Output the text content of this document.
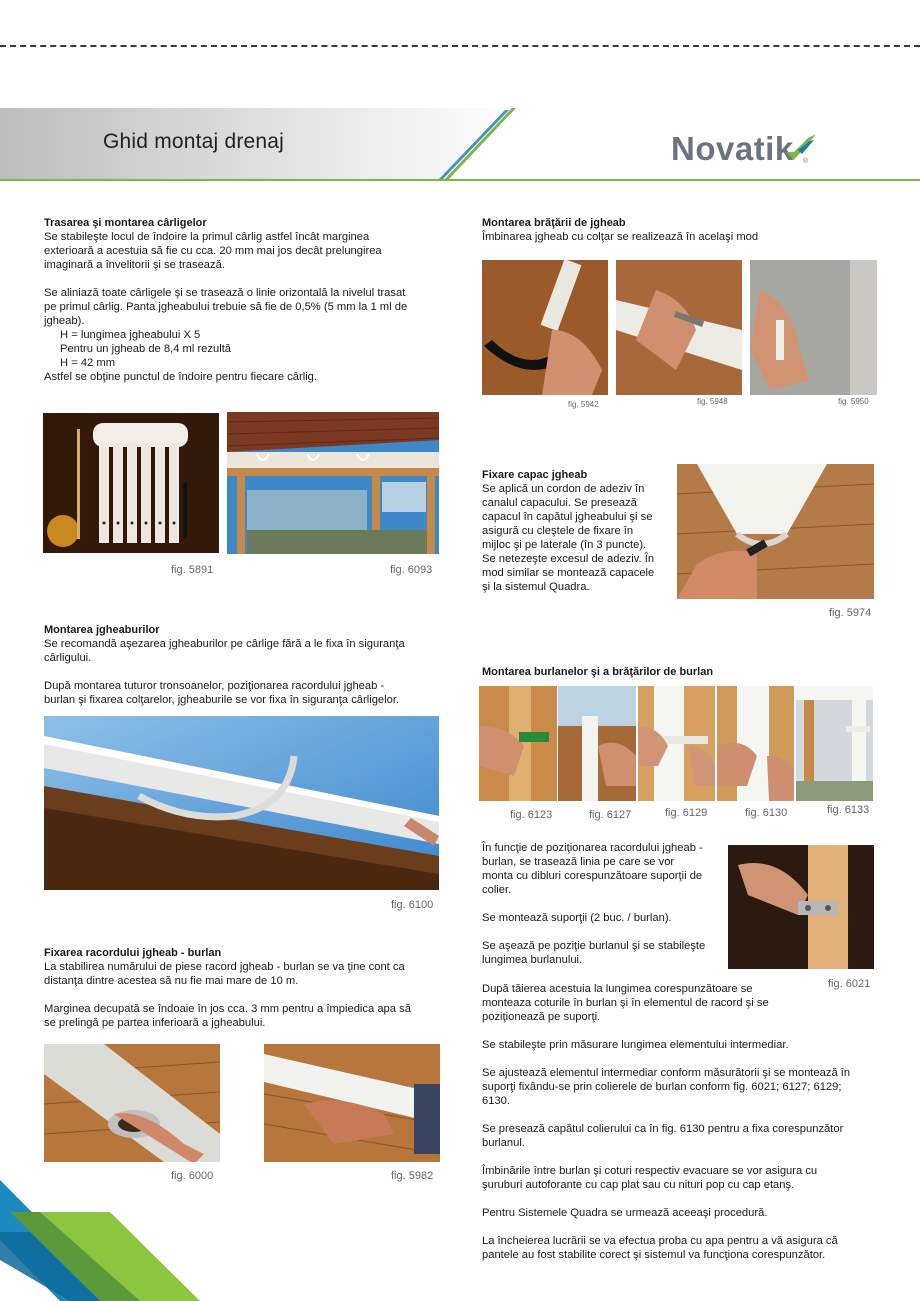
Ghid montaj drenaj	Novatik ®

Trasarea şi montarea cârligelor

Se stabileşte locul de îndoire la primul cârlig astfel încât marginea

exterioară a acestuia să fie cu cca. 20 mm mai jos decât prelungirea

imaginară a învelitorii şi se trasează.

Se aliniază toate cârligele şi se trasează o linie orizontală la nivelul trasat

pe primul cârlig. Panta jgheabului trebuie să fie de 0,5% (5 mm la 1 ml de

jgheab).

H = lungimea jgheabului X 5

Pentru un jgheab de 8,4 ml rezultă

H = 42 mm

Astfel se obţine punctul de îndoire pentru fiecare cârlig.

fig. 5891	fig. 6093

Montarea jgheaburilor

Se recomandă aşezarea jgheaburilor pe cârlige fără a le fixa în siguranţa

cârligului.

După montarea tuturor tronsoanelor, poziţionarea racordului jgheab -

burlan şi fixarea colţarelor, jgheaburile se vor fixa în siguranţa cârligelor.

fig. 6100

Fixarea racordului jgheab - burlan

La stabilirea numărului de piese racord jgheab - burlan se va ţine cont ca

distanţa dintre acestea să nu fie mai mare de 10 m.

Marginea decupată se îndoaie în jos cca. 3 mm pentru a împiedica apa să

se prelingă pe partea inferioară a jgheabului.

fig. 6000	fig. 5982

Montarea brăţării de jgheab

Îmbinarea jgheab cu colţar se realizează în acelaşi mod

fig. 5942	fig. 5948	fig. 5950

Fixare capac jgheab

Se aplică un cordon de adeziv în

canalul capacului. Se presează

capacul în capătul jgheabului şi se

asigură cu cleştele de fixare în

mijloc şi pe laterale (în 3 puncte).

Se netezeşte excesul de adeziv. În

mod similar se montează capacele

şi la sistemul Quadra.

fig. 5974

Montarea burlanelor şi a brăţărilor de burlan

fig. 6123	fig. 6127	fig. 6129	fig. 6130	fig. 6133

În funcţie de poziţionarea racordului jgheab -

burlan, se trasează linia pe care se vor

monta cu dibluri corespunzătoare suporţii de

colier.

Se montează suporţii (2 buc. / burlan).

Se aşează pe poziţie burlanul şi se stabileşte

lungimea burlanului.

fig. 6021

După tăierea acestuia la lungimea corespunzătoare se

monteaza coturile în burlan şi în elementul de racord şi se

poziţionează pe suporţi.

Se stabileşte prin măsurare lungimea elementului intermediar.

Se ajustează elementul intermediar conform măsurătorii şi se montează în

suporţi fixându-se prin colierele de burlan conform fig. 6021; 6127; 6129;

6130.

Se presează capătul colierului ca în fig. 6130 pentru a fixa corespunzător

burlanul.

Îmbinările între burlan şi coturi respectiv evacuare se vor asigura cu

şuruburi autoforante cu cap plat sau cu nituri pop cu cap etanş.

Pentru Sistemele Quadra se urmează aceeaşi procedură.

La încheierea lucrării se va efectua proba cu apa pentru a vă asigura că

pantele au fost stabilite corect şi sistemul va funcţiona corespunzător.
